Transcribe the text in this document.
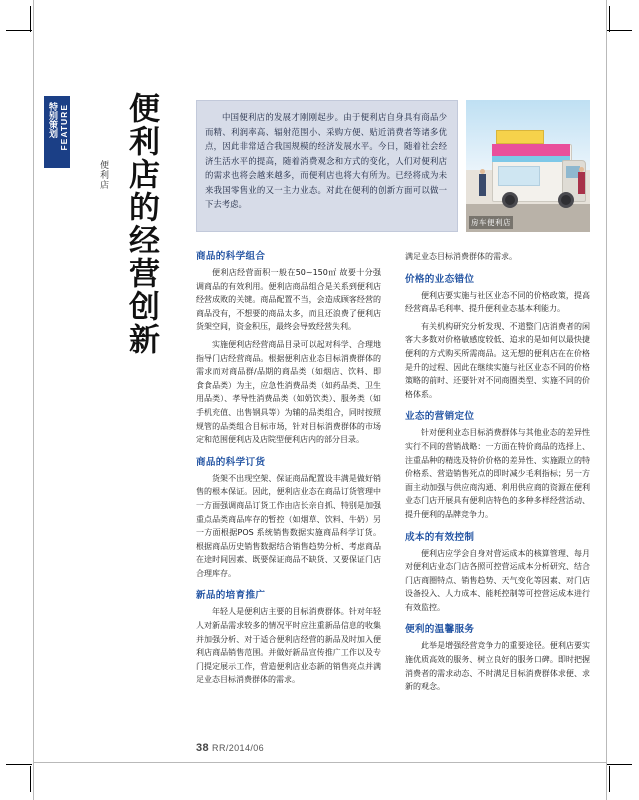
特别策划 FEATURE
便利店 便利店的经营创新	中国便利店的发展才刚刚起步。由于便利店自身具有商品少而精、利润率高、辐射范围小、采购方便、贴近消费者等诸多优点，因此非常适合我国规模的经济发展水平。今日，随着社会经济生活水平的提高，随着消费观念和方式的变化，人们对便利店的需求也将会越来越多，而便利店也将大有所为。已经将成为未来我国零售业的又一主力业态。对此在便利的创新方面可以做一下去考虑。
房车便利店
商品的科学组合

便利店经营面积一般在50~150㎡ 故要十分强调商品的有效利用。便利店商品组合是关系到便利店经营成败的关键。商品配置不当，会造成顾客经营的商品没有，不想要的商品太多，而且还浪费了便利店货架空间，资金积压，最终会导致经营失利。

实施便利店经营商品目录可以起对科学、合理地指导门店经营商品。根据便利店业态目标消费群体的需求而对商品群/品期的商品类（如烟店、饮料、即食食品类）为主，应急性消费品类（如药品类、卫生用品类）、孝导性消费品类（如奶饮类）、服务类（如手机充值、出售钢具等）为辅的品类组合，同时按照规管的品类组合目标市场，针对目标消费群体的市场定和范围便利店及店院型便利店内的部分目录。

商品的科学订货

货架不出现空架、保证商品配置设丰满是做好销售的根本保证。因此，便利店业态在商品订货管理中一方面强调商品订货工作由店长亲自抓、特别是加强重点品类商品库存的暂控（如烟草、饮料、牛奶）另一方面根据POS 系统销售数据实施商品科学订货。根据商品历史销售数据结合销售趋势分析、考虑商品在途时间因素、既要保证商品不缺货、又要保证门店合理库存。

新品的培育推广

年轻人是便利店主要的目标消费群体。针对年轻人对新品需求较多的情况平时应注重新品信息的收集并加强分析、对于适合便利店经营的新品及时加入便利店商品销售范围。并做好新品宣传推广工作以及专门提定展示工作，营造便利店业态新的销售亮点并满足业态目标消费群体的需求。

满足业态目标消费群体的需求。

价格的业态错位

便利店要实施与社区业态不同的价格政策，提高经营商品毛利率、提升便利业态基本利能力。

有关机构研究分析发现、不道整门店消费者的闲客大多数对价格敏感度较低、追求的是如何以最快捷便利的方式购买所需商品。这无想的便利店在在价格是升的过程、因此在继续实施与社区业态不同的价格策略的前时、还要针对不同商圈类型、实施不同的价格体系。

业态的营销定位

针对便利业态目标消费群体与其他业态的差异性实行不同的营销战略：一方面在特价商品的选择上、注重品种的精选及特价价格的差异性、实施跟立的特价格系、营造销售死点的即时减少毛利指标；另一方面主动加强与供应商沟通、利用供应商的资源在便利业态门店开展具有便利店特色的多种多样经营活动、提升便利的品牌竞争力。

成本的有效控制

便利店应学会自身对营运成本的核算管理、每月对便利店业态门店各照可控营运成本分析研究、结合门店商圈特点、销售趋势、天气变化等因素、对门店设备投入、人力成本、能耗控制等可控营运成本进行有效监控。

便利的温馨服务

此举是增强经营竞争力的重要途径。便利店要实施优质高效的服务、树立良好的服务口碑。即时把握消费者的需求动态、不时满足目标消费群体求便、求新的观念。

38 RR/2014/06
